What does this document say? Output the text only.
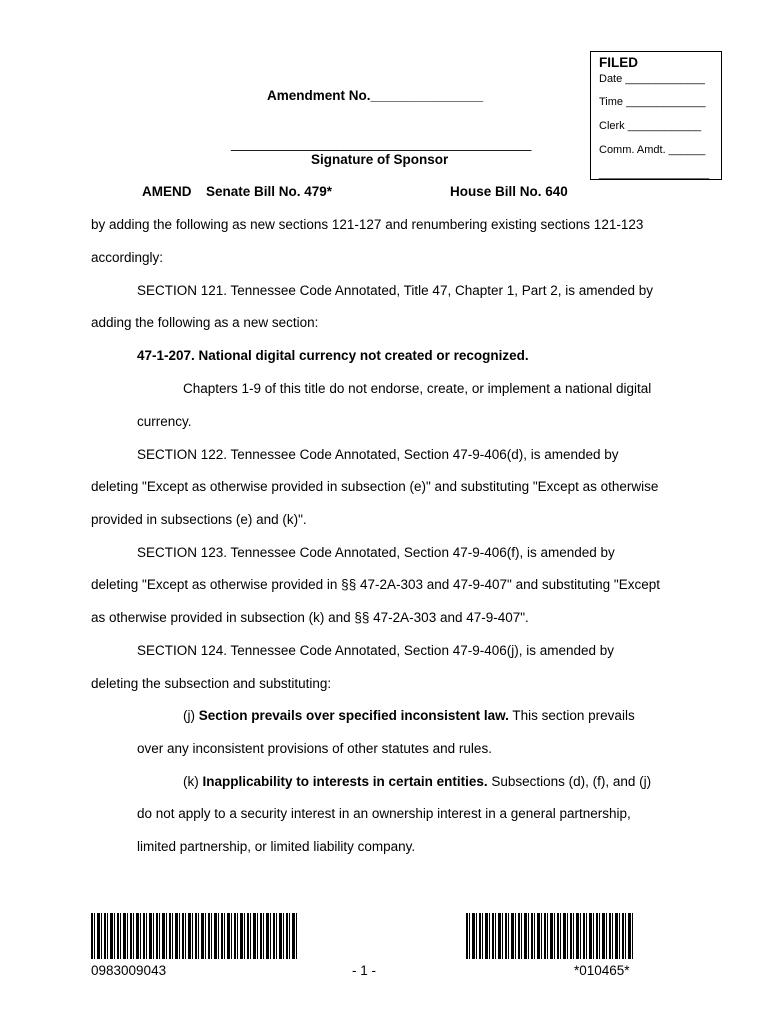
FILED
Date _____________
Time _____________
Clerk ____________
Comm. Amdt. ______
__________________
Amendment No._______________
________________________________________
Signature of Sponsor
AMEND Senate Bill No. 479*	House Bill No. 640
by adding the following as new sections 121-127 and renumbering existing sections 121-123
accordingly:
SECTION 121. Tennessee Code Annotated, Title 47, Chapter 1, Part 2, is amended by
adding the following as a new section:
47-1-207. National digital currency not created or recognized.
Chapters 1-9 of this title do not endorse, create, or implement a national digital
currency.
SECTION 122. Tennessee Code Annotated, Section 47-9-406(d), is amended by
deleting "Except as otherwise provided in subsection (e)" and substituting "Except as otherwise
provided in subsections (e) and (k)".
SECTION 123. Tennessee Code Annotated, Section 47-9-406(f), is amended by
deleting "Except as otherwise provided in §§ 47-2A-303 and 47-9-407" and substituting "Except
as otherwise provided in subsection (k) and §§ 47-2A-303 and 47-9-407".
SECTION 124. Tennessee Code Annotated, Section 47-9-406(j), is amended by
deleting the subsection and substituting:
(j) Section prevails over specified inconsistent law. This section prevails
over any inconsistent provisions of other statutes and rules.
(k) Inapplicability to interests in certain entities. Subsections (d), (f), and (j)
do not apply to a security interest in an ownership interest in a general partnership,
limited partnership, or limited liability company.
0983009043	- 1 -	*010465*
